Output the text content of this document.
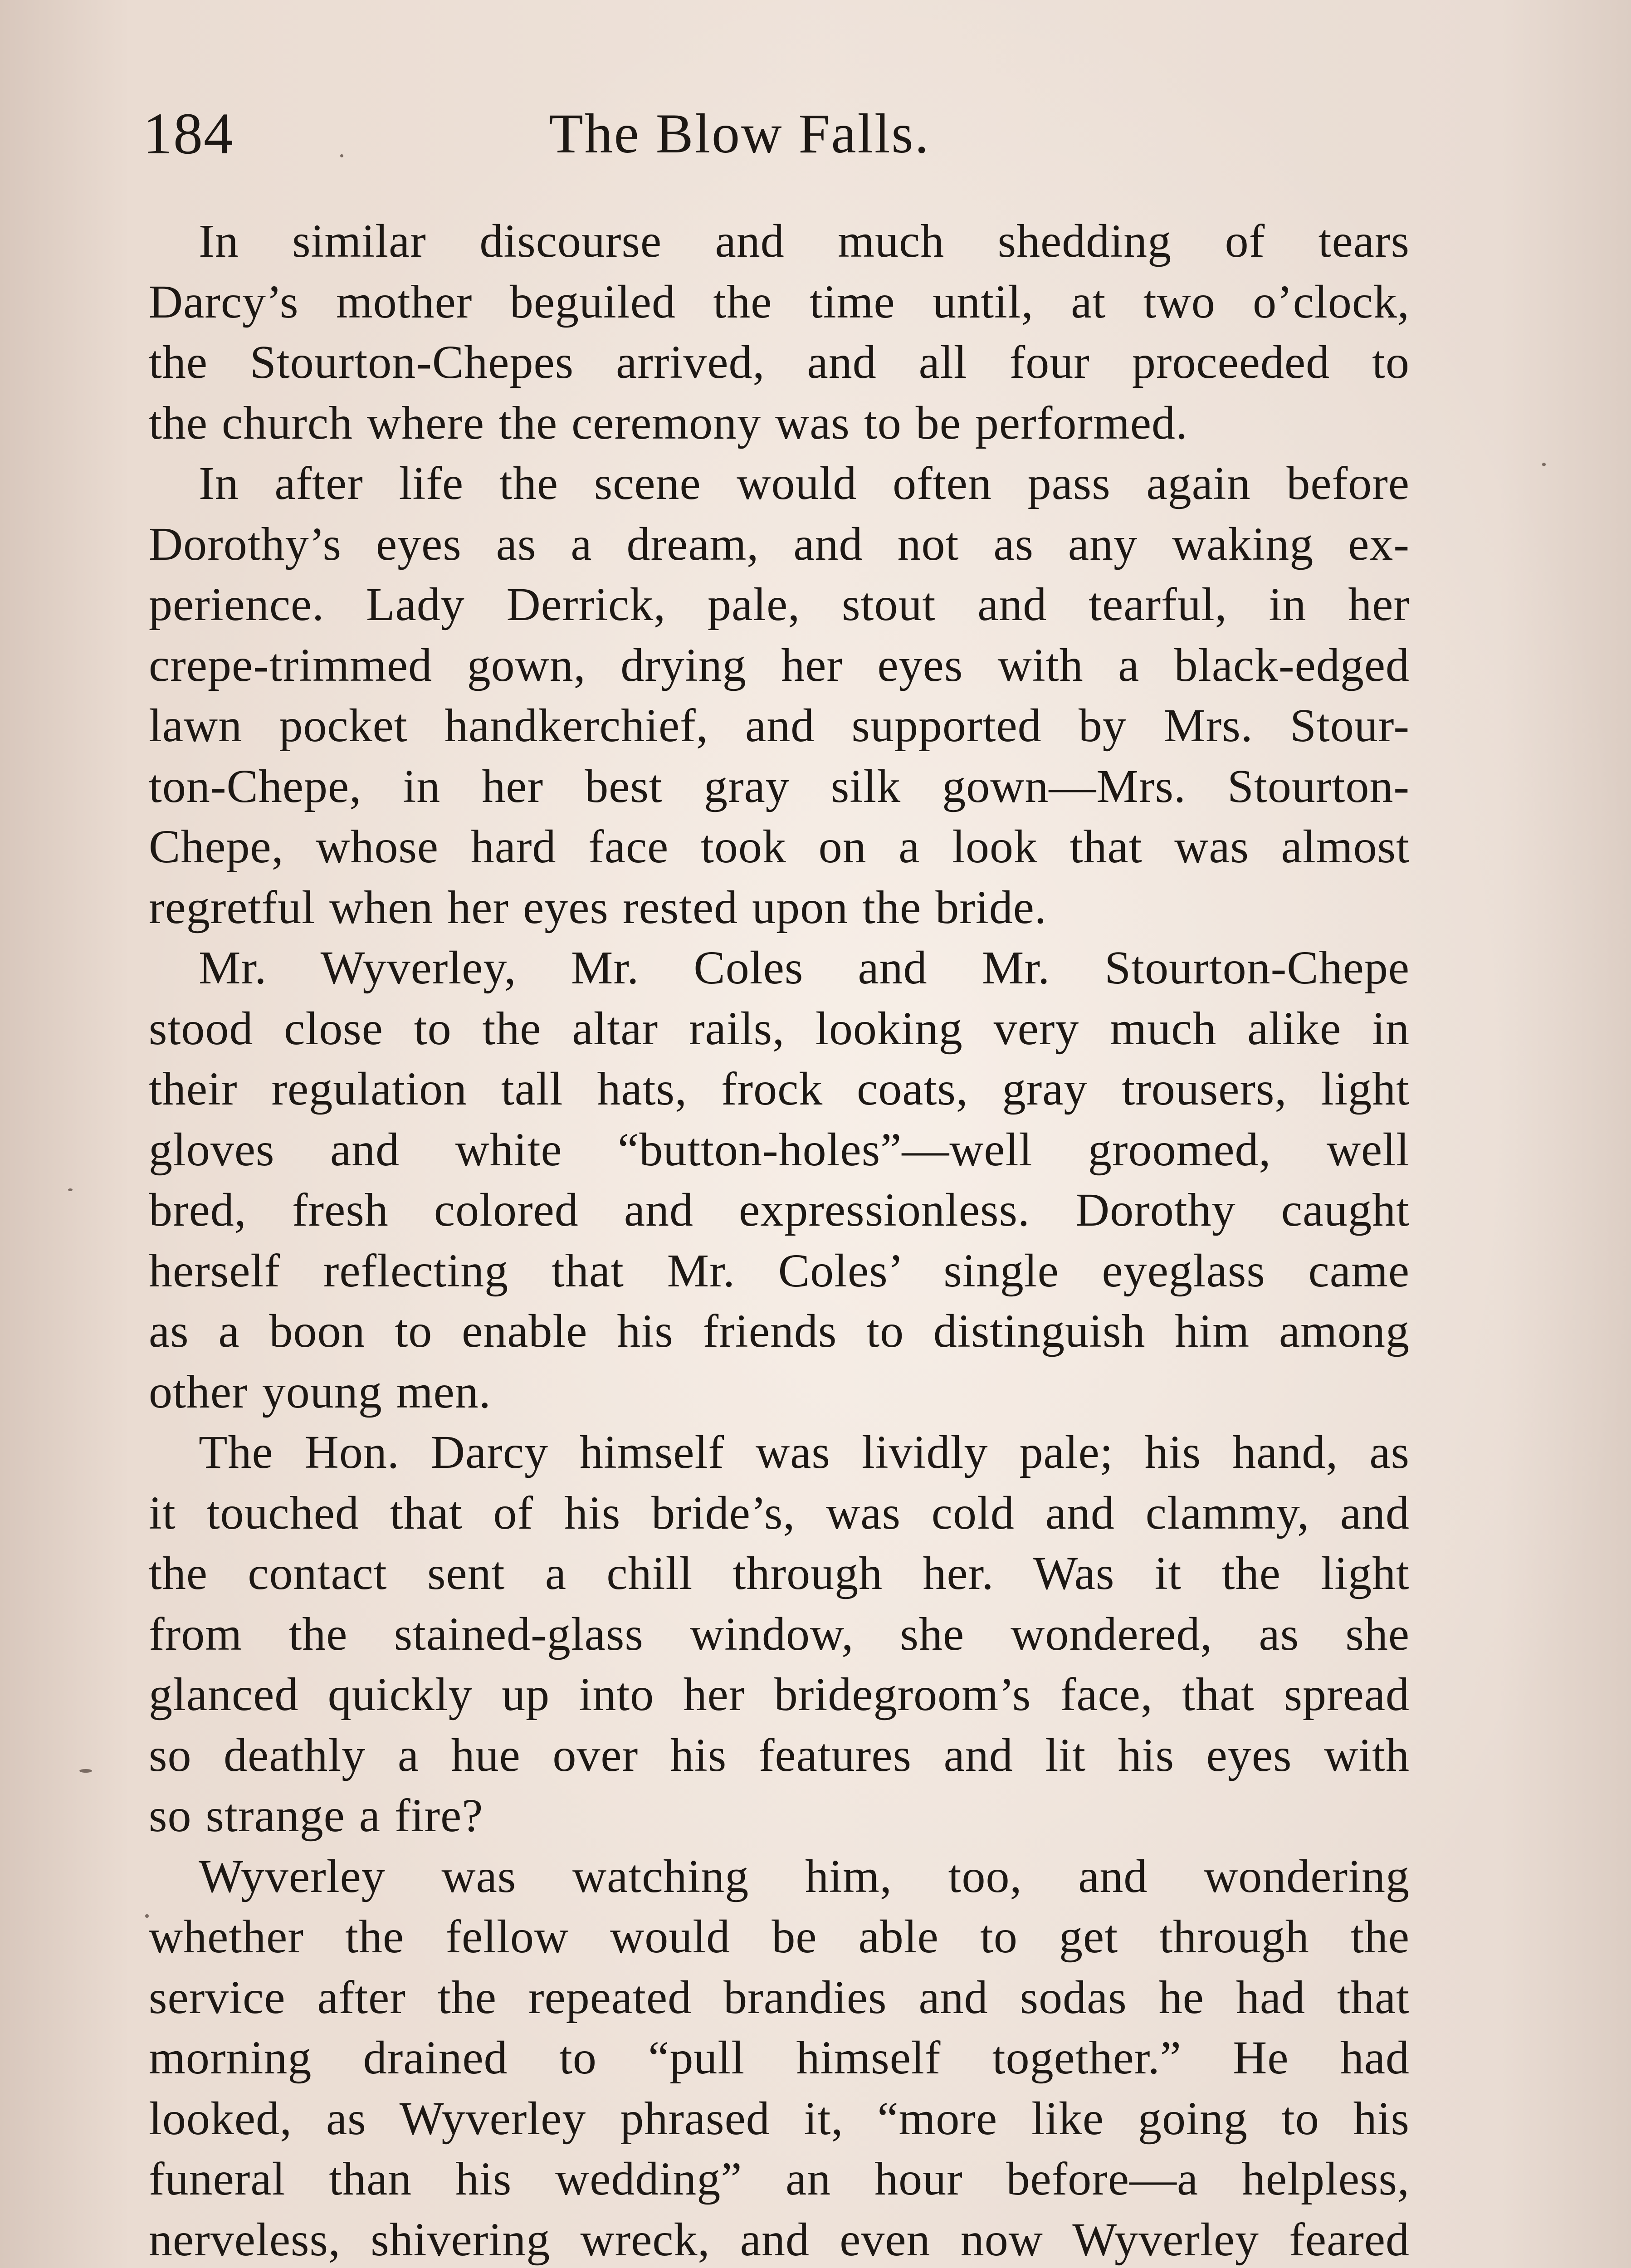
184	The Blow Falls.
In similar discourse and much shedding of tears
Darcy’s mother beguiled the time until, at two o’clock,
the Stourton-Chepes arrived, and all four proceeded to
the church where the ceremony was to be performed.
In after life the scene would often pass again before
Dorothy’s eyes as a dream, and not as any waking ex-
perience. Lady Derrick, pale, stout and tearful, in her
crepe-trimmed gown, drying her eyes with a black-edged
lawn pocket handkerchief, and supported by Mrs. Stour-
ton-Chepe, in her best gray silk gown—Mrs. Stourton-
Chepe, whose hard face took on a look that was almost
regretful when her eyes rested upon the bride.
Mr. Wyverley, Mr. Coles and Mr. Stourton-Chepe
stood close to the altar rails, looking very much alike in
their regulation tall hats, frock coats, gray trousers, light
gloves and white “button-holes”—well groomed, well
bred, fresh colored and expressionless. Dorothy caught
herself reflecting that Mr. Coles’ single eyeglass came
as a boon to enable his friends to distinguish him among
other young men.
The Hon. Darcy himself was lividly pale; his hand, as
it touched that of his bride’s, was cold and clammy, and
the contact sent a chill through her. Was it the light
from the stained-glass window, she wondered, as she
glanced quickly up into her bridegroom’s face, that spread
so deathly a hue over his features and lit his eyes with
so strange a fire?
Wyverley was watching him, too, and wondering
whether the fellow would be able to get through the
service after the repeated brandies and sodas he had that
morning drained to “pull himself together.” He had
looked, as Wyverley phrased it, “more like going to his
funeral than his wedding” an hour before—a helpless,
nerveless, shivering wreck, and even now Wyverley feared
